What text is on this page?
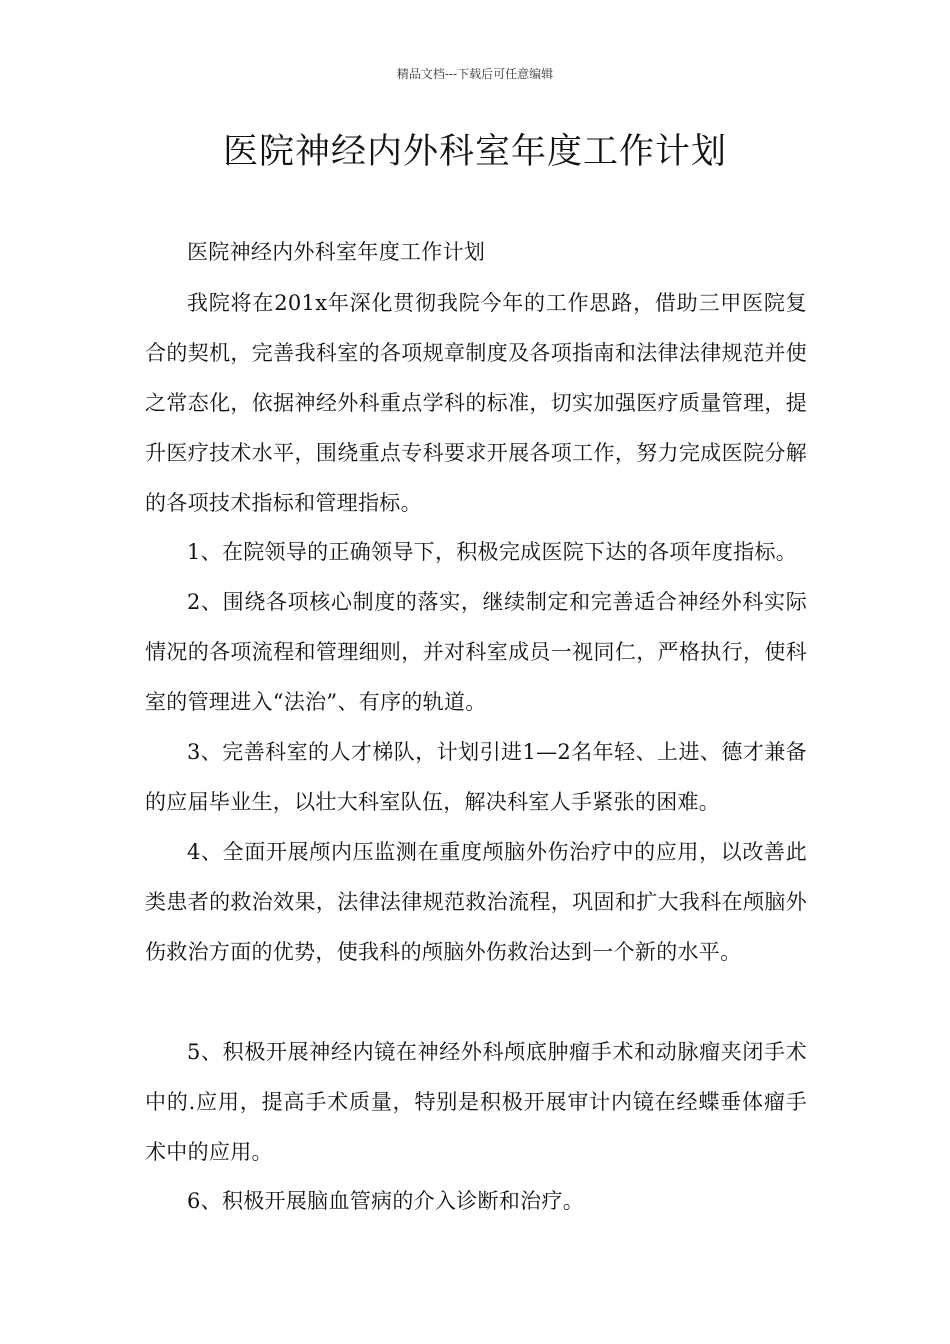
精品文档---下载后可任意编辑
医院神经内外科室年度工作计划

医院神经内外科室年度工作计划

我院将在201x年深化贯彻我院今年的工作思路，借助三甲医院复合的契机，完善我科室的各项规章制度及各项指南和法律法律规范并使之常态化，依据神经外科重点学科的标准，切实加强医疗质量管理，提升医疗技术水平，围绕重点专科要求开展各项工作，努力完成医院分解的各项技术指标和管理指标。

1、在院领导的正确领导下，积极完成医院下达的各项年度指标。

2、围绕各项核心制度的落实，继续制定和完善适合神经外科实际情况的各项流程和管理细则，并对科室成员一视同仁，严格执行，使科室的管理进入“法治”、有序的轨道。

3、完善科室的人才梯队，计划引进1—2名年轻、上进、德才兼备的应届毕业生，以壮大科室队伍，解决科室人手紧张的困难。

4、全面开展颅内压监测在重度颅脑外伤治疗中的应用，以改善此类患者的救治效果，法律法律规范救治流程，巩固和扩大我科在颅脑外伤救治方面的优势，使我科的颅脑外伤救治达到一个新的水平。

5、积极开展神经内镜在神经外科颅底肿瘤手术和动脉瘤夹闭手术中的.应用，提高手术质量，特别是积极开展审计内镜在经蝶垂体瘤手术中的应用。

6、积极开展脑血管病的介入诊断和治疗。
